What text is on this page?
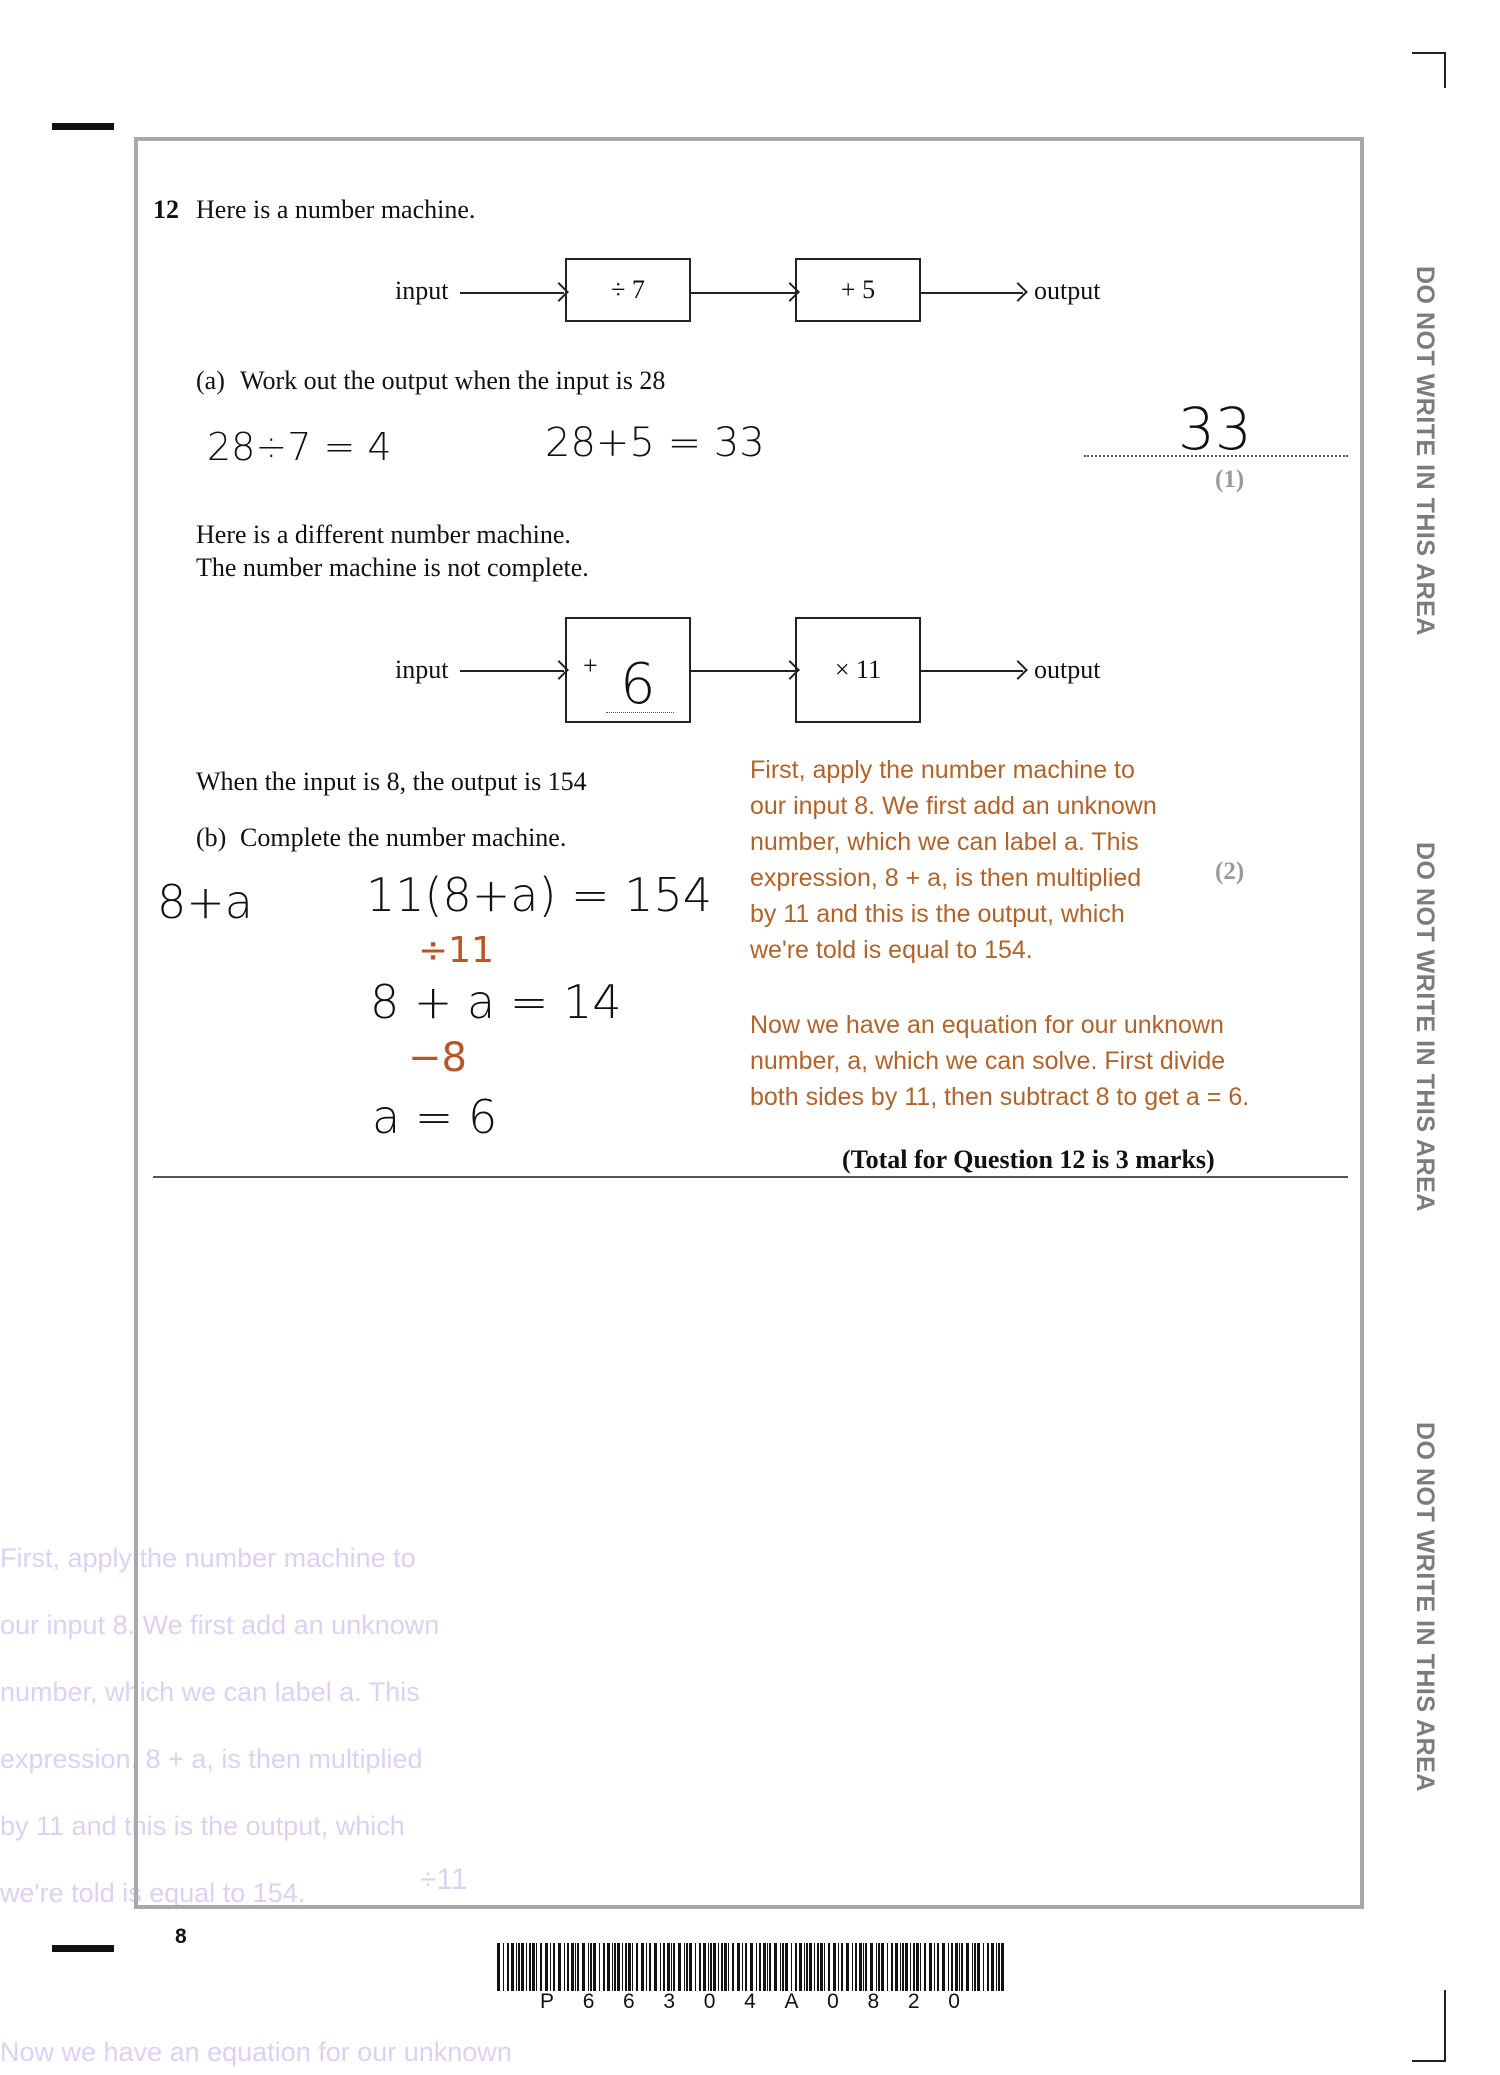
First, apply the number machine to
our input 8. We first add an unknown
number, which we can label a. This
expression, 8 + a, is then multiplied
by 11 and this is the output, which
we're told is equal to 154.	÷11
Now we have an equation for our unknown
DO NOT WRITE IN THIS AREA
DO NOT WRITE IN THIS AREA
DO NOT WRITE IN THIS AREA
12 Here is a number machine.
input	÷ 7	+ 5	output
(a) Work out the output when the input is 28
28÷7 = 4	28+5 = 33	33
(1)
Here is a different number machine.
The number machine is not complete.
input	+ 6	× 11	output
When the input is 8, the output is 154
(b) Complete the number machine.
(2)
8+a 11(8+a) = 154
÷11
8 + a = 14
−8
a = 6
First, apply the number machine to
our input 8. We first add an unknown
number, which we can label a. This
expression, 8 + a, is then multiplied
by 11 and this is the output, which
we're told is equal to 154.
Now we have an equation for our unknown
number, a, which we can solve. First divide
both sides by 11, then subtract 8 to get a = 6.
(Total for Question 12 is 3 marks)
8
P 6 6 3 0 4 A 0 8 2 0
